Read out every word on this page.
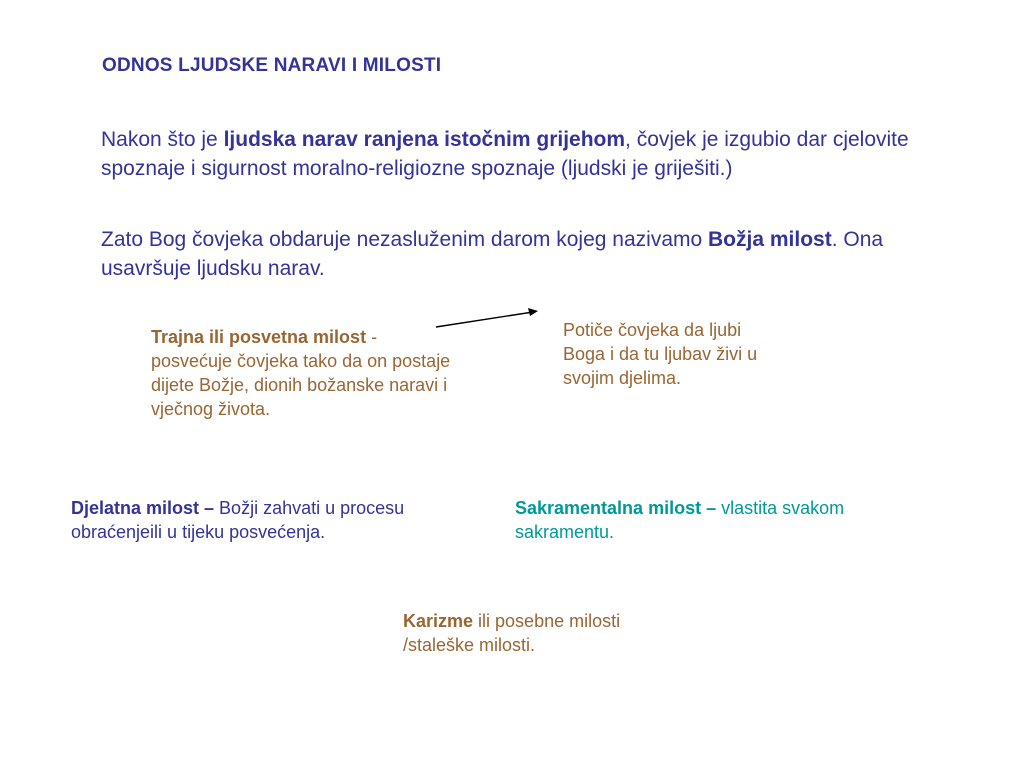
ODNOS LJUDSKE NARAVI I MILOSTI
Nakon što je ljudska narav ranjena istočnim grijehom, čovjek je izgubio dar cjelovite spoznaje i sigurnost moralno-religiozne spoznaje (ljudski je griješiti.)
Zato Bog čovjeka obdaruje nezasluženim darom kojeg nazivamo Božja milost. Ona usavršuje ljudsku narav.
Trajna ili posvetna milost - posvećuje čovjeka tako da on postaje dijete Božje, dionih božanske naravi i vječnog života.
Potiče čovjeka da ljubi Boga i da tu ljubav živi u svojim djelima.
Djelatna milost – Božji zahvati u procesu obraćenjeili u tijeku posvećenja.
Sakramentalna milost – vlastita svakom sakramentu.
Karizme ili posebne milosti /staleške milosti.
